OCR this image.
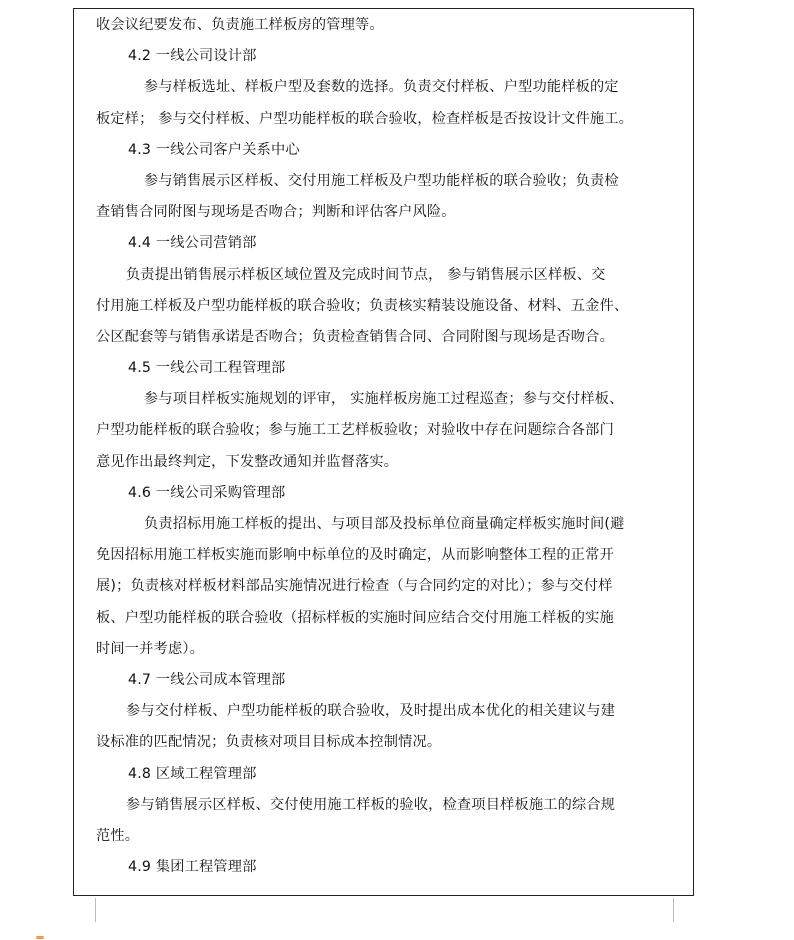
收会议纪要发布、负责施工样板房的管理等。
4.2 一线公司设计部
参与样板选址、样板户型及套数的选择。负责交付样板、户型功能样板的定
板定样； 参与交付样板、户型功能样板的联合验收，检查样板是否按设计文件施工。
4.3 一线公司客户关系中心
参与销售展示区样板、交付用施工样板及户型功能样板的联合验收；负责检
查销售合同附图与现场是否吻合；判断和评估客户风险。
4.4 一线公司营销部
负责提出销售展示样板区域位置及完成时间节点， 参与销售展示区样板、交
付用施工样板及户型功能样板的联合验收；负责核实精装设施设备、材料、五金件、
公区配套等与销售承诺是否吻合；负责检查销售合同、合同附图与现场是否吻合。
4.5 一线公司工程管理部
参与项目样板实施规划的评审， 实施样板房施工过程巡查；参与交付样板、
户型功能样板的联合验收；参与施工工艺样板验收；对验收中存在问题综合各部门
意见作出最终判定，下发整改通知并监督落实。
4.6 一线公司采购管理部
负责招标用施工样板的提出、与项目部及投标单位商量确定样板实施时间(避
免因招标用施工样板实施而影响中标单位的及时确定，从而影响整体工程的正常开
展)；负责核对样板材料部品实施情况进行检查（与合同约定的对比）；参与交付样
板、户型功能样板的联合验收（招标样板的实施时间应结合交付用施工样板的实施
时间一并考虑）。
4.7 一线公司成本管理部
参与交付样板、户型功能样板的联合验收，及时提出成本优化的相关建议与建
设标准的匹配情况；负责核对项目目标成本控制情况。
4.8 区域工程管理部
参与销售展示区样板、交付使用施工样板的验收，检查项目样板施工的综合规
范性。
4.9 集团工程管理部
